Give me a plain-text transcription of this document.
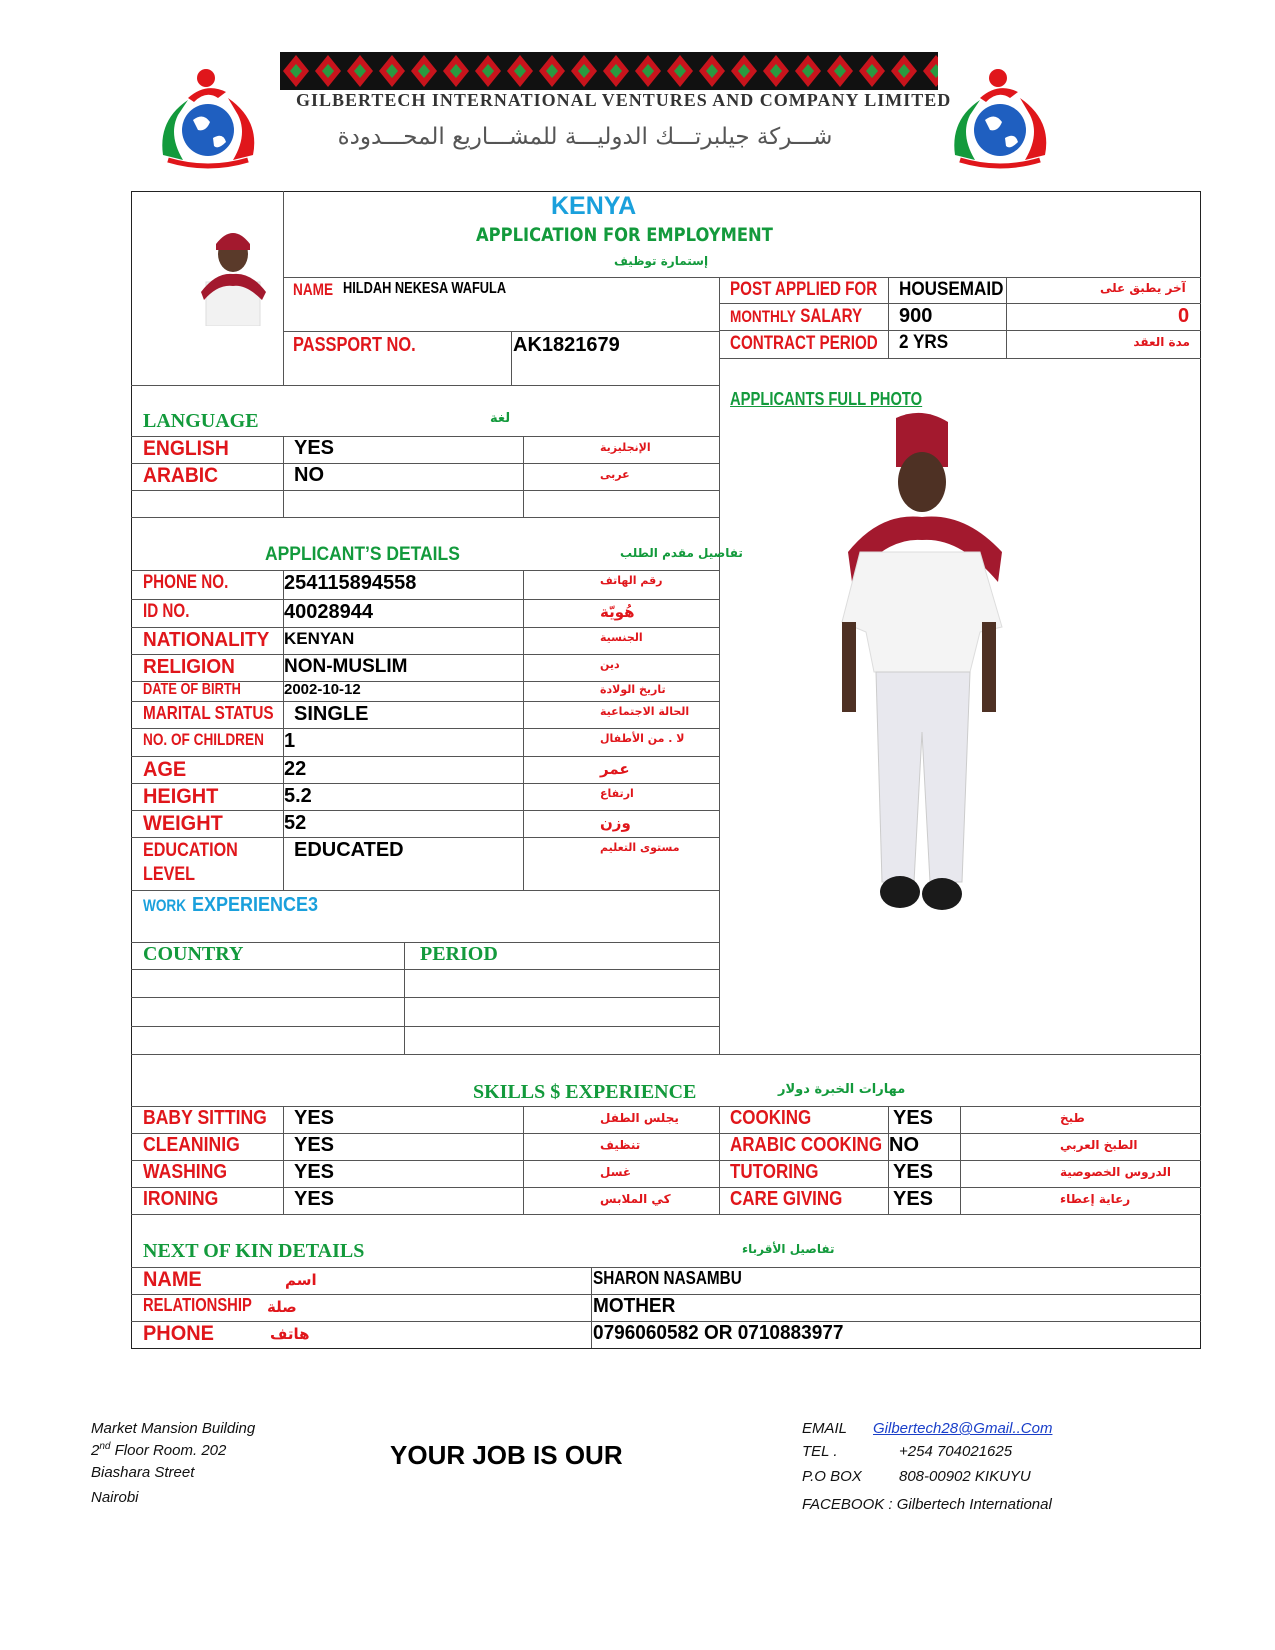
GILBERTECH INTERNATIONAL VENTURES AND COMPANY LIMITED
شـــركة جيلبرتـــك الدوليـــة للمشـــاريع المحـــدودة
KENYA
APPLICATION FOR EMPLOYMENT
إستمارة توظيف
NAME HILDAH NEKESA WAFULA
PASSPORT NO.	AK1821679
POST APPLIED FOR HOUSEMAID	آخر يطبق على
MONTHLY SALARY 900	0
CONTRACT PERIOD 2 YRS	مدة العقد
APPLICANTS FULL PHOTO
LANGUAGE	لغة
ENGLISH	YES	الإنجليزية
ARABIC	NO	عربى
APPLICANT’S DETAILS	تفاصيل مقدم الطلب
PHONE NO.	254115894558	رقم الهاتف
ID NO.	40028944	هُويّة
NATIONALITY KENYAN	الجنسية
RELIGION	NON-MUSLIM	دين
DATE OF BIRTH	2002-10-12	تاريخ الولادة
MARITAL STATUS SINGLE	الحالة الاجتماعية
NO. OF CHILDREN 1	لا . من الأطفال
AGE	22	عمر
HEIGHT	5.2	ارتفاع
WEIGHT	52	وزن
EDUCATION LEVEL
EDUCATED	مستوى التعليم
WORK EXPERIENCE3
COUNTRY	PERIOD
SKILLS $ EXPERIENCE	مهارات الخبرة دولار
BABY SITTING YES	يجلس الطفل
CLEANINIG	YES	تنظيف
WASHING	YES	غسل
IRONING	YES	كي الملابس
COOKING	YES	طبخ
ARABIC COOKING NO	الطبخ العربي
TUTORING	YES	الدروس الخصوصية
CARE GIVING	YES	رعاية إعطاء
NEXT OF KIN DETAILS	تفاصيل الأقرباء
NAME	اسم	SHARON NASAMBU
RELATIONSHIP صلة	MOTHER
PHONE	هاتف	0796060582 OR 0710883977
Market Mansion Building
2nd Floor Room. 202
Biashara Street
Nairobi
YOUR JOB IS OUR
EMAIL Gilbertech28@Gmail..Com
TEL .	+254 704021625
P.O BOX 808-00902 KIKUYU
FACEBOOK : Gilbertech International
